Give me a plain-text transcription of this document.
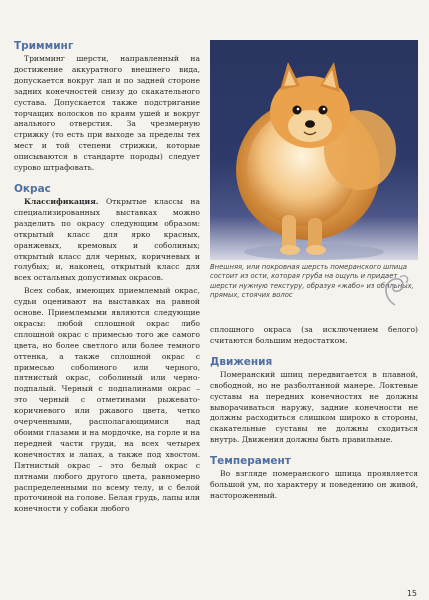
Тримминг

Тримминг шерсти, направленный на достижение аккуратного внешнего вида, допускается вокруг лап и по задней стороне задних конечностей снизу до скакательного сустава. Допускается также подстригание торчащих волосков по краям ушей и вокруг анального отверстия. За чрезмерную стрижку (то есть при выходе за пределы тех мест и той степени стрижки, которые описываются в стандарте породы) следует сурово штрафовать.

Окрас

Классификация. Открытые классы на специализированных выставках можно разделить по окрасу следующим образом: открытый класс для ярко красных, оранжевых, кремовых и соболиных; открытый класс для черных, коричневых и голубых; и, наконец, открытый класс для всех остальных допустимых окрасов.

Всех собак, имеющих приемлемый окрас, судьи оценивают на выставках на равной основе. Приемлемыми являются следующие окрасы: любой сплошной окрас либо сплошной окрас с примесью того же самого цвета, но более светлого или более темного оттенка, а также сплошной окрас с примесью соболиного или черного, пятнистый окрас, соболиный или черно-подпалый. Черный с подпалинами окрас – это черный с отметинами рыжевато-коричневого или ржавого цвета, четко очерченными, располагающимися над обоими глазами и на мордочке, на горле и на передней части груди, на всех четырех конечностях и лапах, а также под хвостом. Пятнистый окрас – это белый окрас с пятнами любого другого цвета, равномерно распределенными по всему телу, и с белой проточиной на голове. Белая грудь, лапы или конечности у собаки любого

Внешняя, или покровная шерсть померанского шпица состоит из ости, которая груба на ощупь и придает шерсти нужную текстуру, образуя «жабо» из обильных, прямых, стоячих волос

сплошного окраса (за исключением белого) считаются большим недостатком.

Движения

Померанский шпиц передвигается в плавной, свободной, но не разболтанной манере. Локтевые суставы на передних конечностях не должны выворачиваться наружу, задние конечности не должны расходиться слишком широко в стороны, скакательные суставы не должны сходиться внутрь. Движения должны быть правильные.

Темперамент

Во взгляде померанского шпица проявляется большой ум, по характеру и поведению он живой, настороженный.

15
